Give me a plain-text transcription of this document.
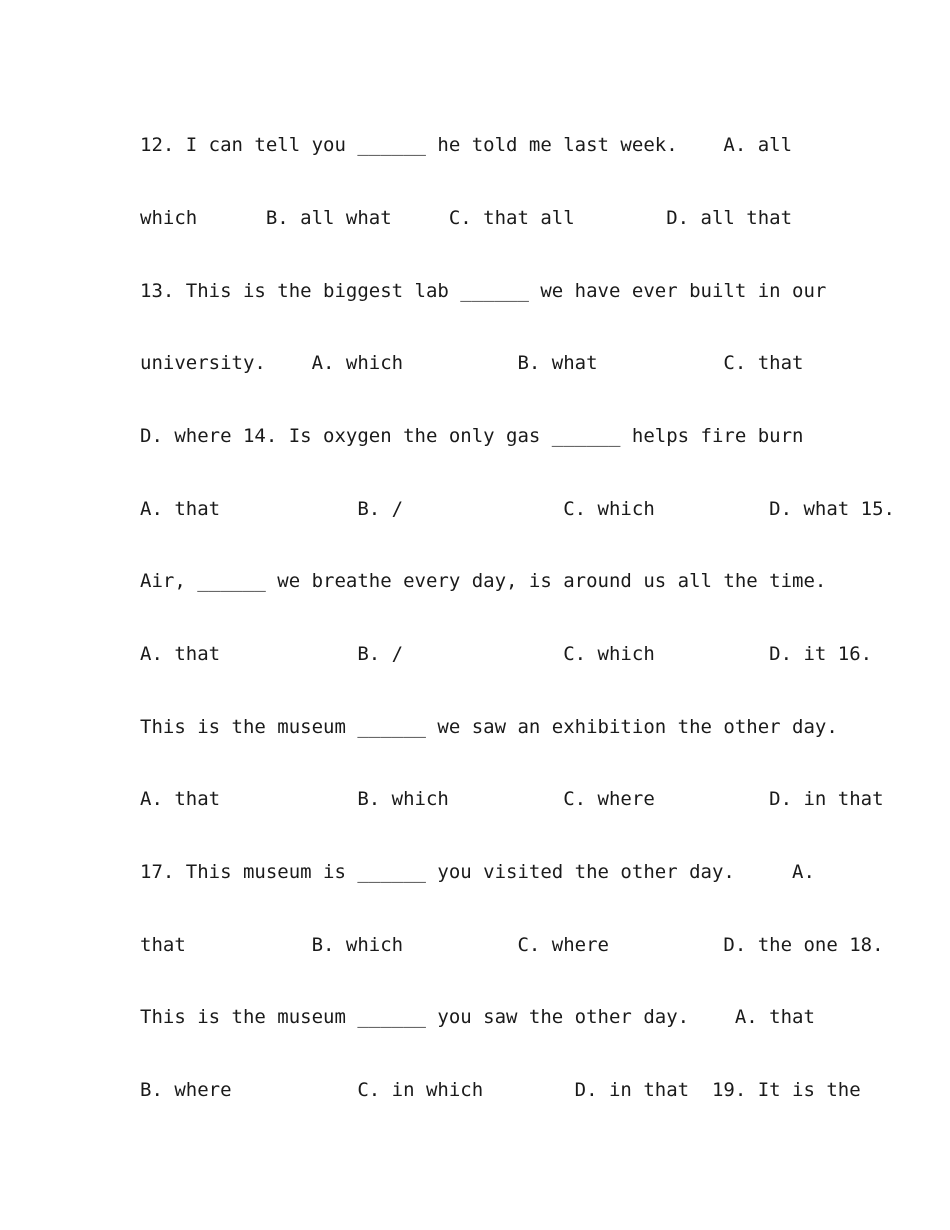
12. I can tell you ______ he told me last week.    A. all
which      B. all what     C. that all        D. all that
13. This is the biggest lab ______ we have ever built in our
university.    A. which          B. what           C. that
D. where 14. Is oxygen the only gas ______ helps fire burn
A. that            B. /              C. which          D. what 15.
Air, ______ we breathe every day, is around us all the time.
A. that            B. /              C. which          D. it 16.
This is the museum ______ we saw an exhibition the other day.
A. that            B. which          C. where          D. in that
17. This museum is ______ you visited the other day.     A.
that           B. which          C. where          D. the one 18.
This is the museum ______ you saw the other day.    A. that
B. where           C. in which        D. in that  19. It is the
